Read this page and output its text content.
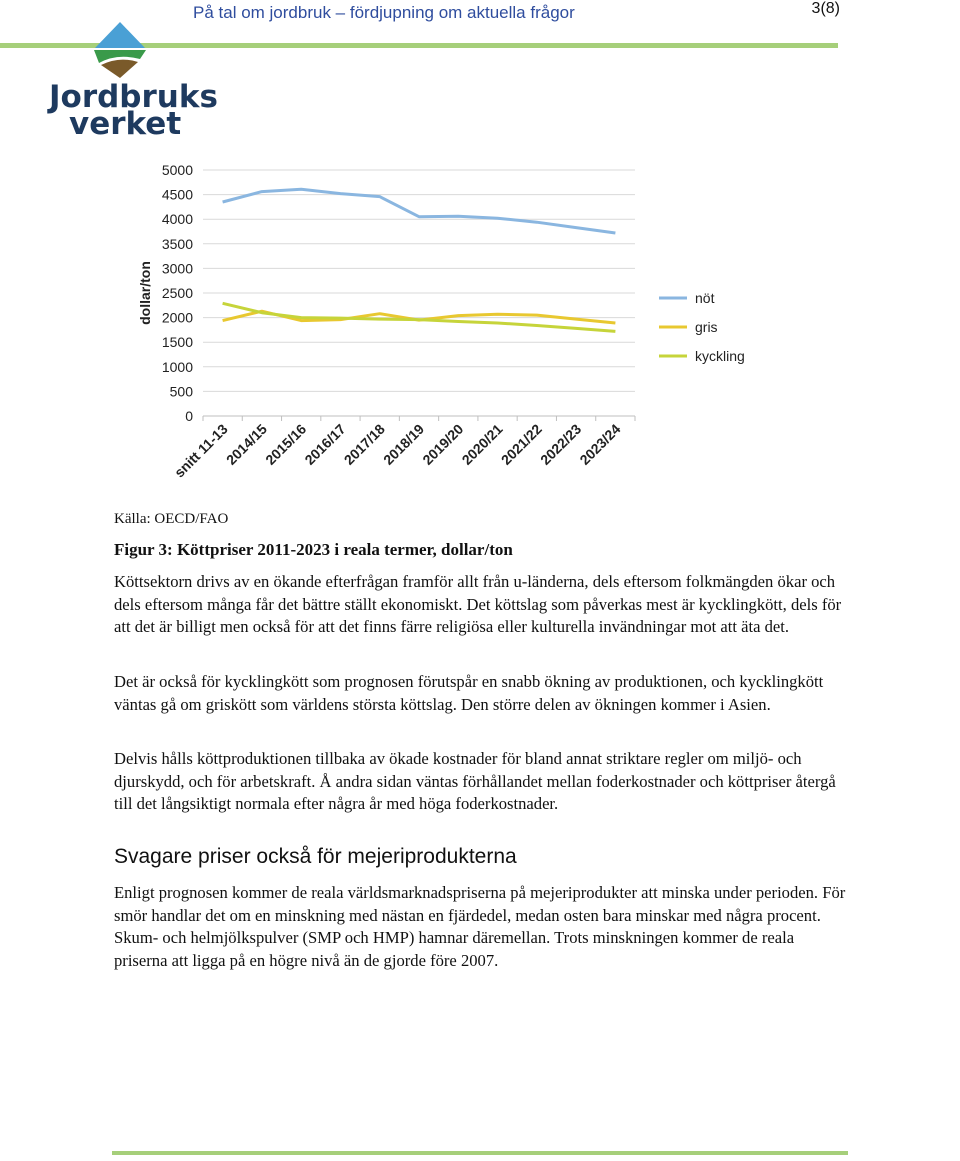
På tal om jordbruk – fördjupning om aktuella frågor	3(8)
Jordbruks
verket
0
500
1000
1500
2000
2500
3000
3500
4000
4500
5000
snitt 11-13
2014/15
2015/16
2016/17
2017/18
2018/19
2019/20
2020/21
2021/22
2022/23
2023/24
dollar/ton	nöt
gris
kyckling
Källa: OECD/FAO
Figur 3: Köttpriser 2011-2023 i reala termer, dollar/ton

Köttsektorn drivs av en ökande efterfrågan framför allt från u-länderna, dels eftersom folkmängden ökar och dels eftersom många får det bättre ställt ekonomiskt. Det köttslag som påverkas mest är kycklingkött, dels för att det är billigt men också för att det finns färre religiösa eller kulturella invändningar mot att äta det.

Det är också för kycklingkött som prognosen förutspår en snabb ökning av produktionen, och kycklingkött väntas gå om griskött som världens största köttslag. Den större delen av ökningen kommer i Asien.

Delvis hålls köttproduktionen tillbaka av ökade kostnader för bland annat striktare regler om miljö- och djurskydd, och för arbetskraft. Å andra sidan väntas förhållandet mellan foderkostnader och köttpriser återgå till det långsiktigt normala efter några år med höga foderkostnader.

Svagare priser också för mejeriprodukterna

Enligt prognosen kommer de reala världsmarknadspriserna på mejeriprodukter att minska under perioden. För smör handlar det om en minskning med nästan en fjärdedel, medan osten bara minskar med några procent. Skum- och helmjölkspulver (SMP och HMP) hamnar däremellan. Trots minskningen kommer de reala priserna att ligga på en högre nivå än de gjorde före 2007.
